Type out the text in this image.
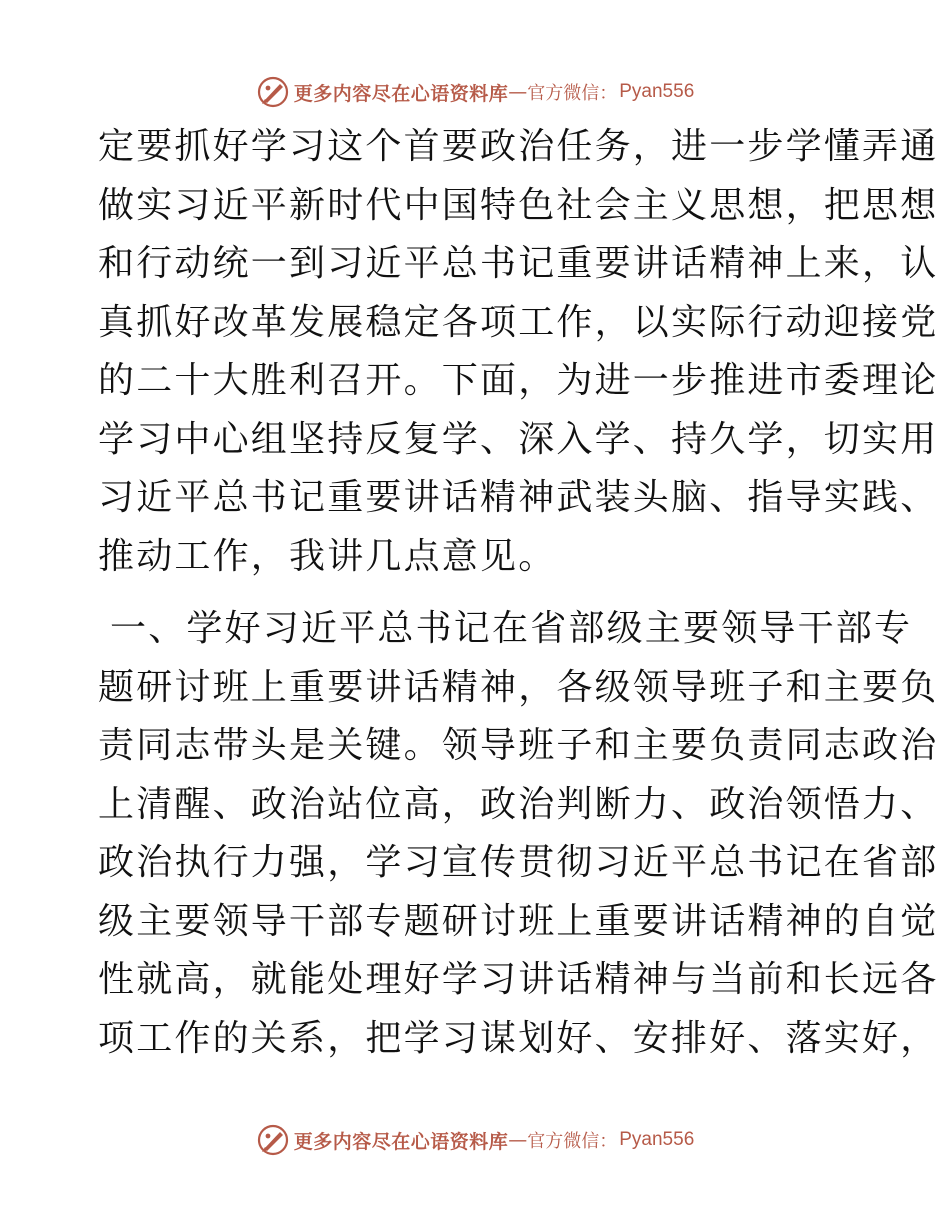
更多内容尽在心语资料库 — 官方微信： Pyan556
定要抓好学习这个首要政治任务，进一步学懂弄通
做实习近平新时代中国特色社会主义思想，把思想
和行动统一到习近平总书记重要讲话精神上来，认
真抓好改革发展稳定各项工作，以实际行动迎接党
的二十大胜利召开。下面，为进一步推进市委理论
学习中心组坚持反复学、深入学、持久学，切实用
习近平总书记重要讲话精神武装头脑、指导实践、
推动工作，我讲几点意见。
一、学好习近平总书记在省部级主要领导干部专
题研讨班上重要讲话精神，各级领导班子和主要负
责同志带头是关键。领导班子和主要负责同志政治
上清醒、政治站位高，政治判断力、政治领悟力、
政治执行力强，学习宣传贯彻习近平总书记在省部
级主要领导干部专题研讨班上重要讲话精神的自觉
性就高，就能处理好学习讲话精神与当前和长远各
项工作的关系，把学习谋划好、安排好、落实好，
更多内容尽在心语资料库 — 官方微信： Pyan556
